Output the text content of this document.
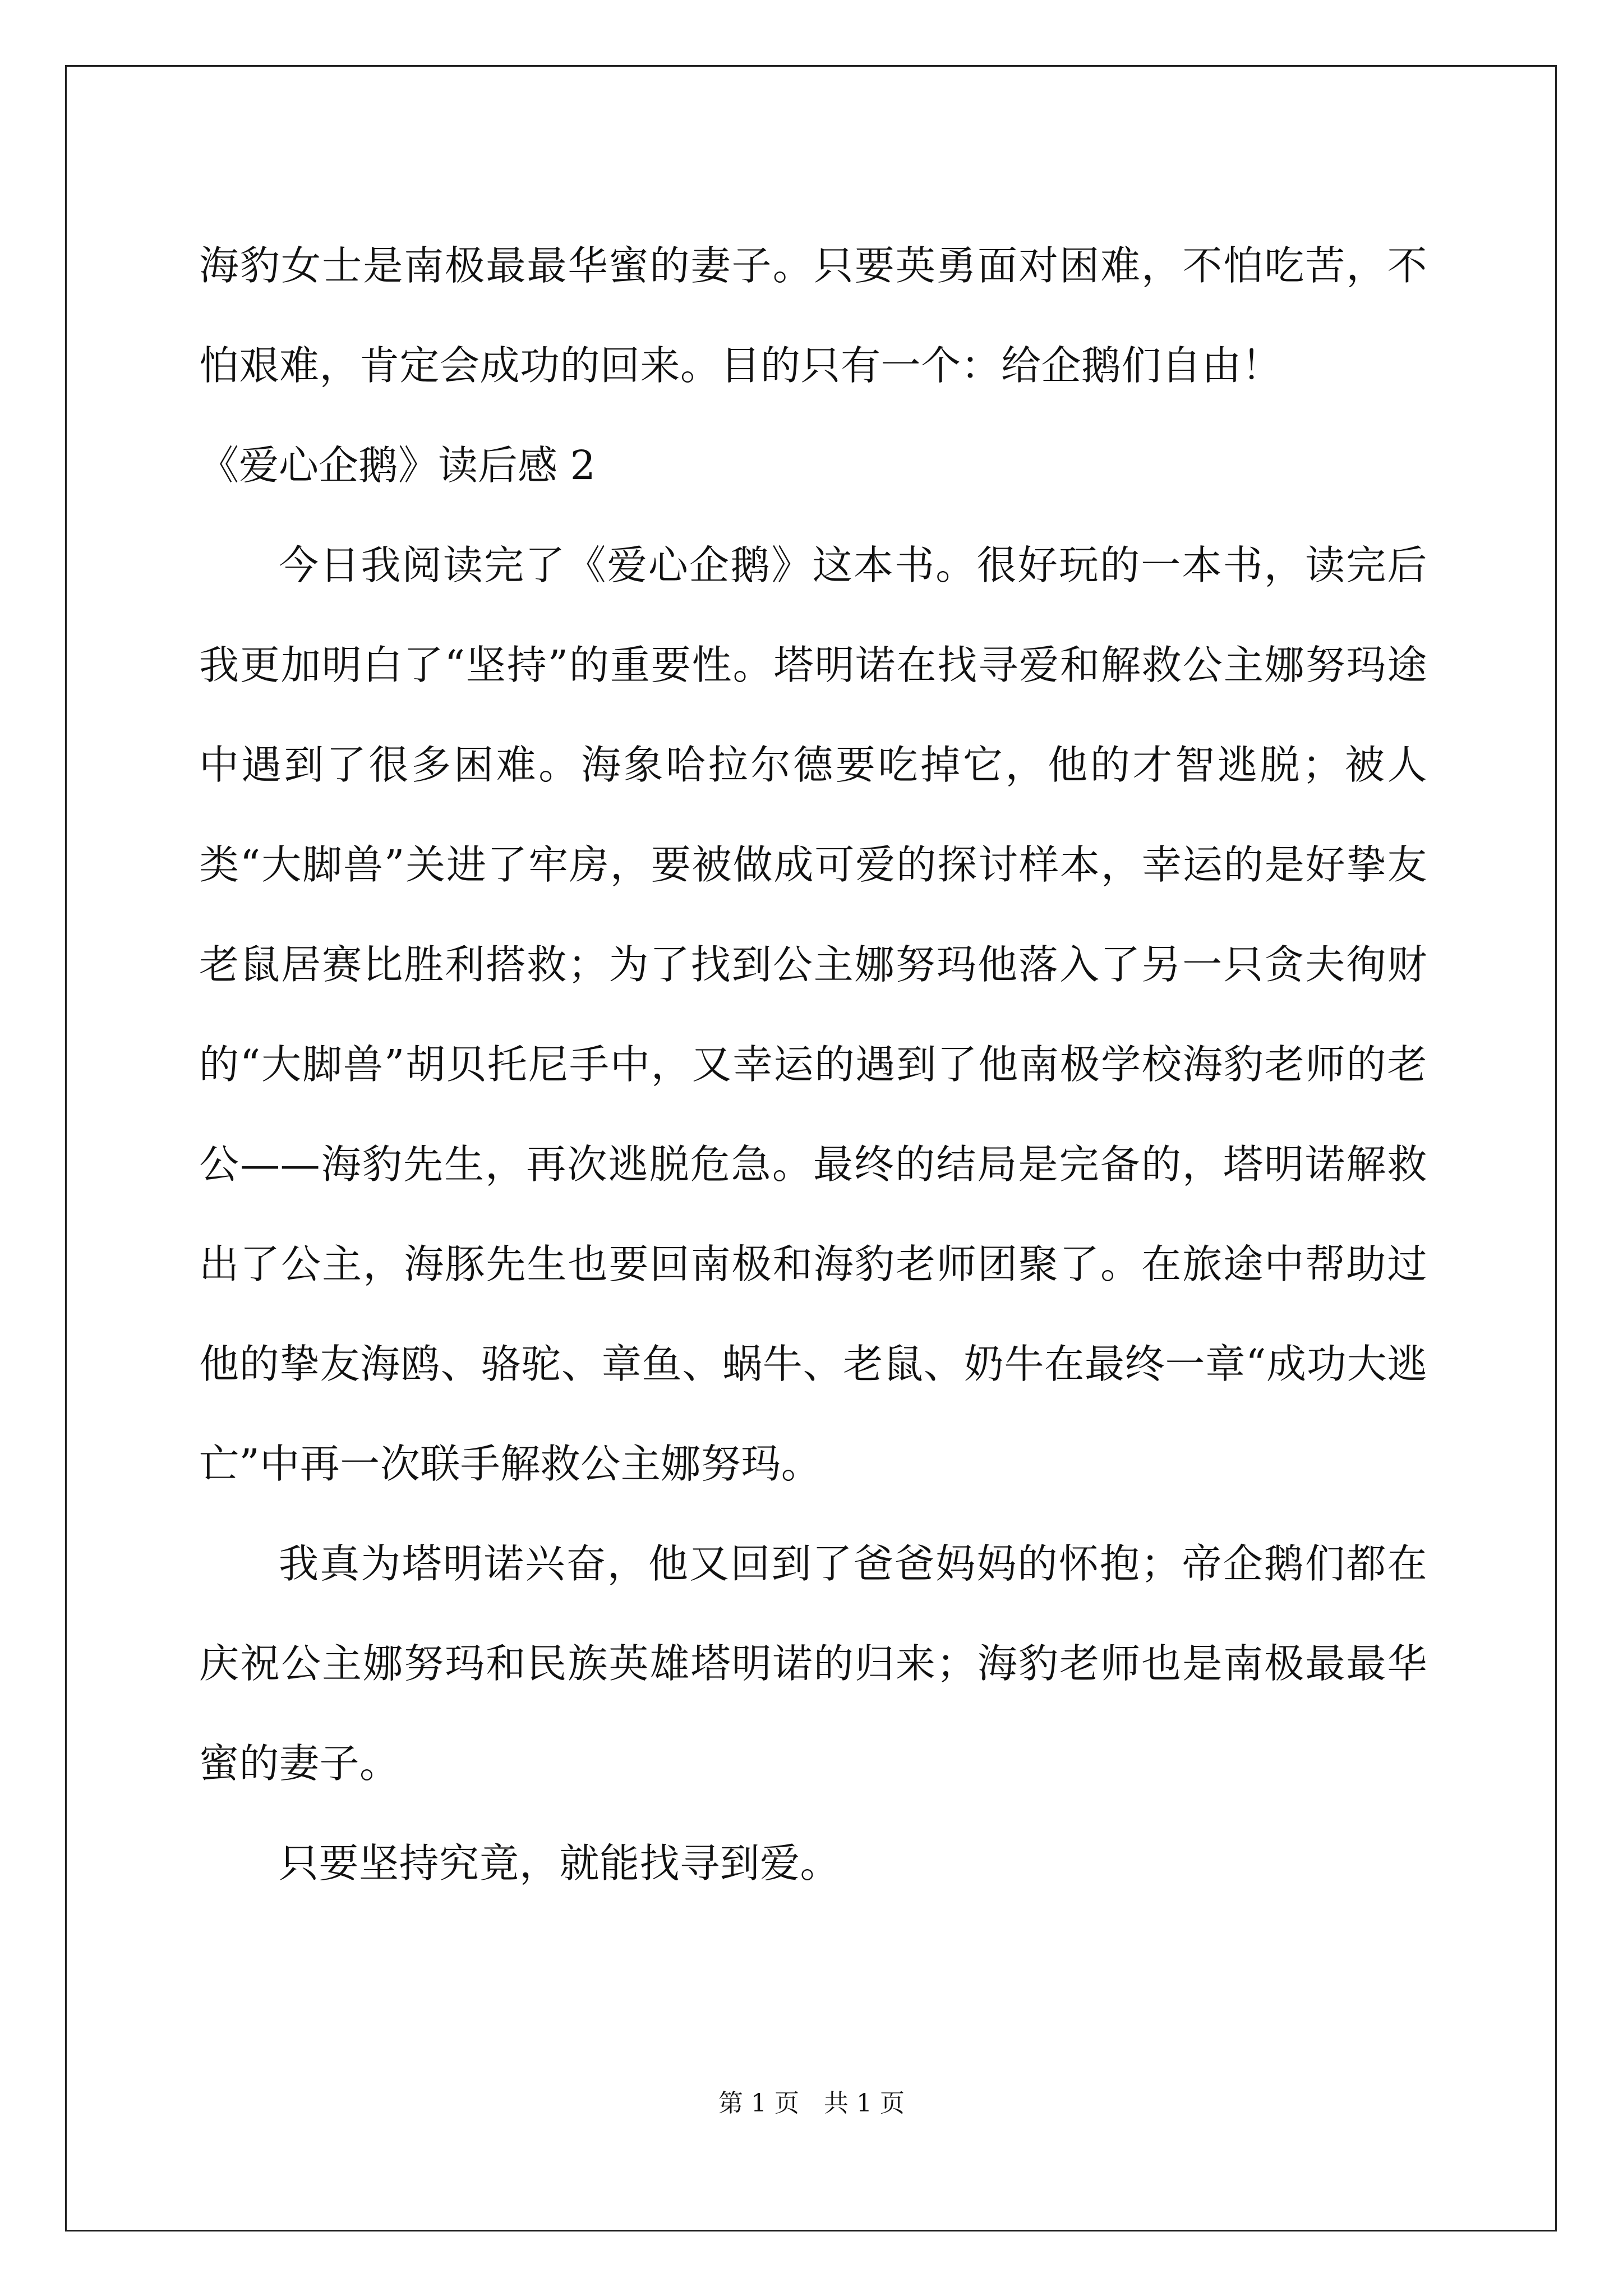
海豹女士是南极最最华蜜的妻子。只要英勇面对困难，不怕吃苦，不怕艰难，肯定会成功的回来。目的只有一个：给企鹅们自由！

《爱心企鹅》读后感 2

今日我阅读完了《爱心企鹅》这本书。很好玩的一本书，读完后我更加明白了“坚持”的重要性。塔明诺在找寻爱和解救公主娜努玛途中遇到了很多困难。海象哈拉尔德要吃掉它，他的才智逃脱；被人类“大脚兽”关进了牢房，要被做成可爱的探讨样本，幸运的是好挚友老鼠居赛比胜利搭救；为了找到公主娜努玛他落入了另一只贪夫徇财的“大脚兽”胡贝托尼手中，又幸运的遇到了他南极学校海豹老师的老公——海豹先生，再次逃脱危急。最终的结局是完备的，塔明诺解救出了公主，海豚先生也要回南极和海豹老师团聚了。在旅途中帮助过他的挚友海鸥、骆驼、章鱼、蜗牛、老鼠、奶牛在最终一章“成功大逃亡”中再一次联手解救公主娜努玛。

我真为塔明诺兴奋，他又回到了爸爸妈妈的怀抱；帝企鹅们都在庆祝公主娜努玛和民族英雄塔明诺的归来；海豹老师也是南极最最华蜜的妻子。

只要坚持究竟，就能找寻到爱。

第 1 页　共 1 页
